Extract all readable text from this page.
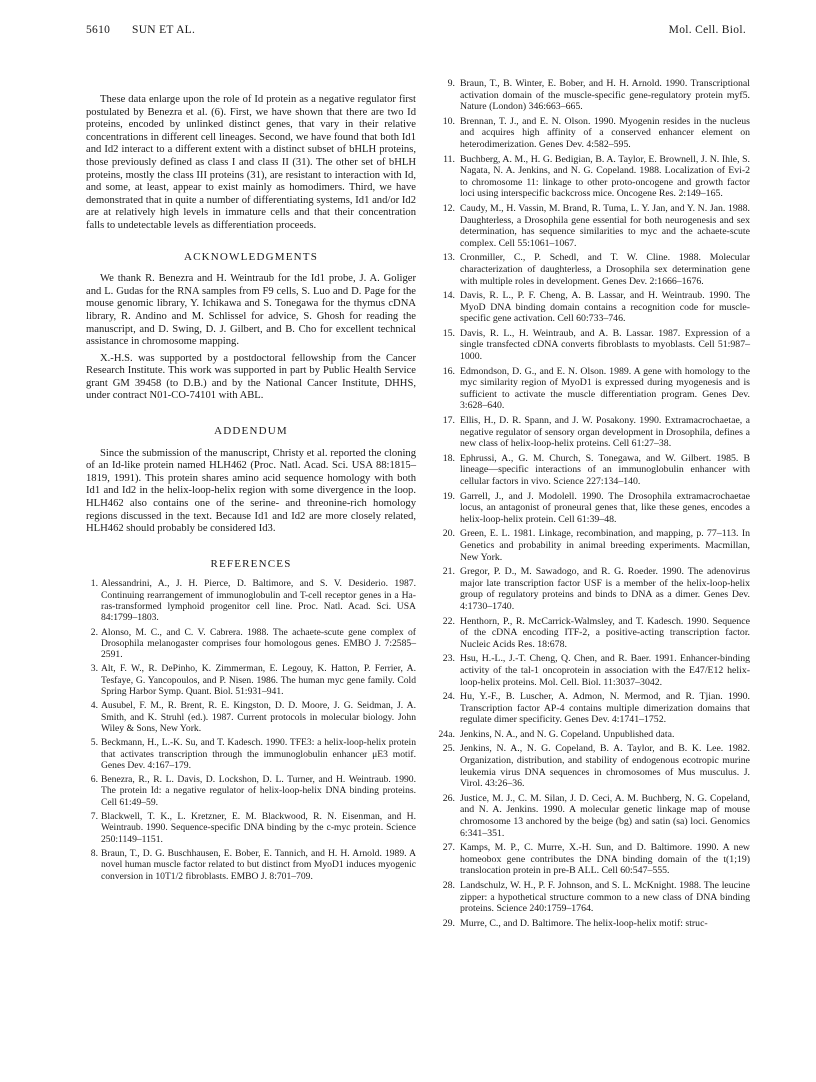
5610 SUN ET AL.	Mol. Cell. Biol.

These data enlarge upon the role of Id protein as a negative regulator first postulated by Benezra et al. (6). First, we have shown that there are two Id proteins, encoded by unlinked distinct genes, that vary in their relative concentrations in different cell lineages. Second, we have found that both Id1 and Id2 interact to a different extent with a distinct subset of bHLH proteins, those previously defined as class I and class II (31). The other set of bHLH proteins, mostly the class III proteins (31), are resistant to interaction with Id, and some, at least, appear to exist mainly as homodimers. Third, we have demonstrated that in quite a number of differentiating systems, Id1 and/or Id2 are at relatively high levels in immature cells and that their concentration falls to undetectable levels as differentiation proceeds.

ACKNOWLEDGMENTS

We thank R. Benezra and H. Weintraub for the Id1 probe, J. A. Goliger and L. Gudas for the RNA samples from F9 cells, S. Luo and D. Page for the mouse genomic library, Y. Ichikawa and S. Tonegawa for the thymus cDNA library, R. Andino and M. Schlissel for advice, S. Ghosh for reading the manuscript, and D. Swing, D. J. Gilbert, and B. Cho for excellent technical assistance in chromosome mapping.

X.-H.S. was supported by a postdoctoral fellowship from the Cancer Research Institute. This work was supported in part by Public Health Service grant GM 39458 (to D.B.) and by the National Cancer Institute, DHHS, under contract N01-CO-74101 with ABL.

ADDENDUM

Since the submission of the manuscript, Christy et al. reported the cloning of an Id-like protein named HLH462 (Proc. Natl. Acad. Sci. USA 88:1815–1819, 1991). This protein shares amino acid sequence homology with both Id1 and Id2 in the helix-loop-helix region with some divergence in the loop. HLH462 also contains one of the serine- and threonine-rich homology regions discussed in the text. Because Id1 and Id2 are more closely related, HLH462 should probably be considered Id3.

REFERENCES
1. Alessandrini, A., J. H. Pierce, D. Baltimore, and S. V. Desiderio. 1987. Continuing rearrangement of immunoglobulin and T-cell receptor genes in a Ha-ras-transformed lymphoid progenitor cell line. Proc. Natl. Acad. Sci. USA 84:1799–1803.
2. Alonso, M. C., and C. V. Cabrera. 1988. The achaete-scute gene complex of Drosophila melanogaster comprises four homologous genes. EMBO J. 7:2585–2591.
3. Alt, F. W., R. DePinho, K. Zimmerman, E. Legouy, K. Hatton, P. Ferrier, A. Tesfaye, G. Yancopoulos, and P. Nisen. 1986. The human myc gene family. Cold Spring Harbor Symp. Quant. Biol. 51:931–941.
4. Ausubel, F. M., R. Brent, R. E. Kingston, D. D. Moore, J. G. Seidman, J. A. Smith, and K. Struhl (ed.). 1987. Current protocols in molecular biology. John Wiley & Sons, New York.
5. Beckmann, H., L.-K. Su, and T. Kadesch. 1990. TFE3: a helix-loop-helix protein that activates transcription through the immunoglobulin enhancer μE3 motif. Genes Dev. 4:167–179.
6. Benezra, R., R. L. Davis, D. Lockshon, D. L. Turner, and H. Weintraub. 1990. The protein Id: a negative regulator of helix-loop-helix DNA binding proteins. Cell 61:49–59.
7. Blackwell, T. K., L. Kretzner, E. M. Blackwood, R. N. Eisenman, and H. Weintraub. 1990. Sequence-specific DNA binding by the c-myc protein. Science 250:1149–1151.
8. Braun, T., D. G. Buschhausen, E. Bober, E. Tannich, and H. H. Arnold. 1989. A novel human muscle factor related to but distinct from MyoD1 induces myogenic conversion in 10T1/2 fibroblasts. EMBO J. 8:701–709.
9. Braun, T., B. Winter, E. Bober, and H. H. Arnold. 1990. Transcriptional activation domain of the muscle-specific gene-regulatory protein myf5. Nature (London) 346:663–665.
10. Brennan, T. J., and E. N. Olson. 1990. Myogenin resides in the nucleus and acquires high affinity of a conserved enhancer element on heterodimerization. Genes Dev. 4:582–595.
11. Buchberg, A. M., H. G. Bedigian, B. A. Taylor, E. Brownell, J. N. Ihle, S. Nagata, N. A. Jenkins, and N. G. Copeland. 1988. Localization of Evi-2 to chromosome 11: linkage to other proto-oncogene and growth factor loci using interspecific backcross mice. Oncogene Res. 2:149–165.
12. Caudy, M., H. Vassin, M. Brand, R. Tuma, L. Y. Jan, and Y. N. Jan. 1988. Daughterless, a Drosophila gene essential for both neurogenesis and sex determination, has sequence similarities to myc and the achaete-scute complex. Cell 55:1061–1067.
13. Cronmiller, C., P. Schedl, and T. W. Cline. 1988. Molecular characterization of daughterless, a Drosophila sex determination gene with multiple roles in development. Genes Dev. 2:1666–1676.
14. Davis, R. L., P. F. Cheng, A. B. Lassar, and H. Weintraub. 1990. The MyoD DNA binding domain contains a recognition code for muscle-specific gene activation. Cell 60:733–746.
15. Davis, R. L., H. Weintraub, and A. B. Lassar. 1987. Expression of a single transfected cDNA converts fibroblasts to myoblasts. Cell 51:987–1000.
16. Edmondson, D. G., and E. N. Olson. 1989. A gene with homology to the myc similarity region of MyoD1 is expressed during myogenesis and is sufficient to activate the muscle differentiation program. Genes Dev. 3:628–640.
17. Ellis, H., D. R. Spann, and J. W. Posakony. 1990. Extramacrochaetae, a negative regulator of sensory organ development in Drosophila, defines a new class of helix-loop-helix proteins. Cell 61:27–38.
18. Ephrussi, A., G. M. Church, S. Tonegawa, and W. Gilbert. 1985. B lineage—specific interactions of an immunoglobulin enhancer with cellular factors in vivo. Science 227:134–140.
19. Garrell, J., and J. Modolell. 1990. The Drosophila extramacrochaetae locus, an antagonist of proneural genes that, like these genes, encodes a helix-loop-helix protein. Cell 61:39–48.
20. Green, E. L. 1981. Linkage, recombination, and mapping, p. 77–113. In Genetics and probability in animal breeding experiments. Macmillan, New York.
21. Gregor, P. D., M. Sawadogo, and R. G. Roeder. 1990. The adenovirus major late transcription factor USF is a member of the helix-loop-helix group of regulatory proteins and binds to DNA as a dimer. Genes Dev. 4:1730–1740.
22. Henthorn, P., R. McCarrick-Walmsley, and T. Kadesch. 1990. Sequence of the cDNA encoding ITF-2, a positive-acting transcription factor. Nucleic Acids Res. 18:678.
23. Hsu, H.-L., J.-T. Cheng, Q. Chen, and R. Baer. 1991. Enhancer-binding activity of the tal-1 oncoprotein in association with the E47/E12 helix-loop-helix proteins. Mol. Cell. Biol. 11:3037–3042.
24. Hu, Y.-F., B. Luscher, A. Admon, N. Mermod, and R. Tjian. 1990. Transcription factor AP-4 contains multiple dimerization domains that regulate dimer specificity. Genes Dev. 4:1741–1752.
24a. Jenkins, N. A., and N. G. Copeland. Unpublished data.
25. Jenkins, N. A., N. G. Copeland, B. A. Taylor, and B. K. Lee. 1982. Organization, distribution, and stability of endogenous ecotropic murine leukemia virus DNA sequences in chromosomes of Mus musculus. J. Virol. 43:26–36.
26. Justice, M. J., C. M. Silan, J. D. Ceci, A. M. Buchberg, N. G. Copeland, and N. A. Jenkins. 1990. A molecular genetic linkage map of mouse chromosome 13 anchored by the beige (bg) and satin (sa) loci. Genomics 6:341–351.
27. Kamps, M. P., C. Murre, X.-H. Sun, and D. Baltimore. 1990. A new homeobox gene contributes the DNA binding domain of the t(1;19) translocation protein in pre-B ALL. Cell 60:547–555.
28. Landschulz, W. H., P. F. Johnson, and S. L. McKnight. 1988. The leucine zipper: a hypothetical structure common to a new class of DNA binding proteins. Science 240:1759–1764.
29. Murre, C., and D. Baltimore. The helix-loop-helix motif: struc-
